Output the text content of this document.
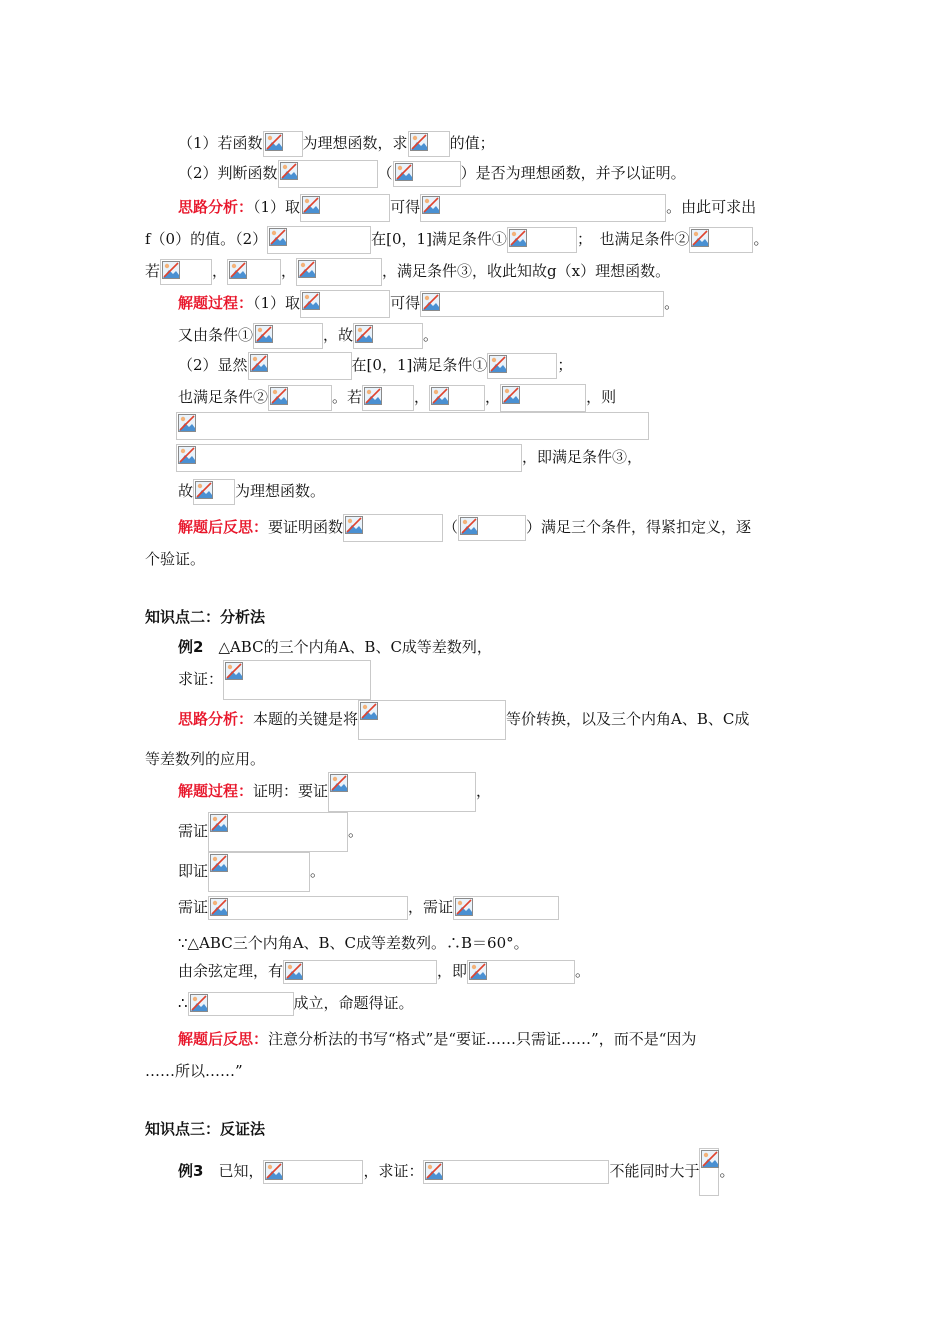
（1）若函数	为理想函数，求	的值；
（2）判断函数	（	）是否为理想函数，并予以证明。
思路分析：（1）取	可得	。由此可求出
f（0）的值。（2）	在[0，1]满足条件①	；　也满足条件②	。
若	，	，	，满足条件③，收此知故g（x）理想函数。
解题过程：（1）取	可得	。
又由条件①	，故	。
（2）显然	在[0，1]满足条件①	；
也满足条件②	。若	，	，	，则
，即满足条件③，
故	为理想函数。
解题后反思：要证明函数	（	）满足三个条件，得紧扣定义，逐
个验证。
知识点二：分析法
例2　△ABC的三个内角A、B、C成等差数列，
求证：
思路分析：本题的关键是将	等价转换，以及三个内角A、B、C成
等差数列的应用。
解题过程：证明：要证	，
需证	。
即证	。
需证	，需证
∵△ABC三个内角A、B、C成等差数列。∴B＝60°。
由余弦定理，有	，即	。
∴	成立，命题得证。
解题后反思：注意分析法的书写“格式”是“要证……只需证……”，而不是“因为
……所以……”
知识点三：反证法
例3　已知，	，求证：	不能同时大于 。
